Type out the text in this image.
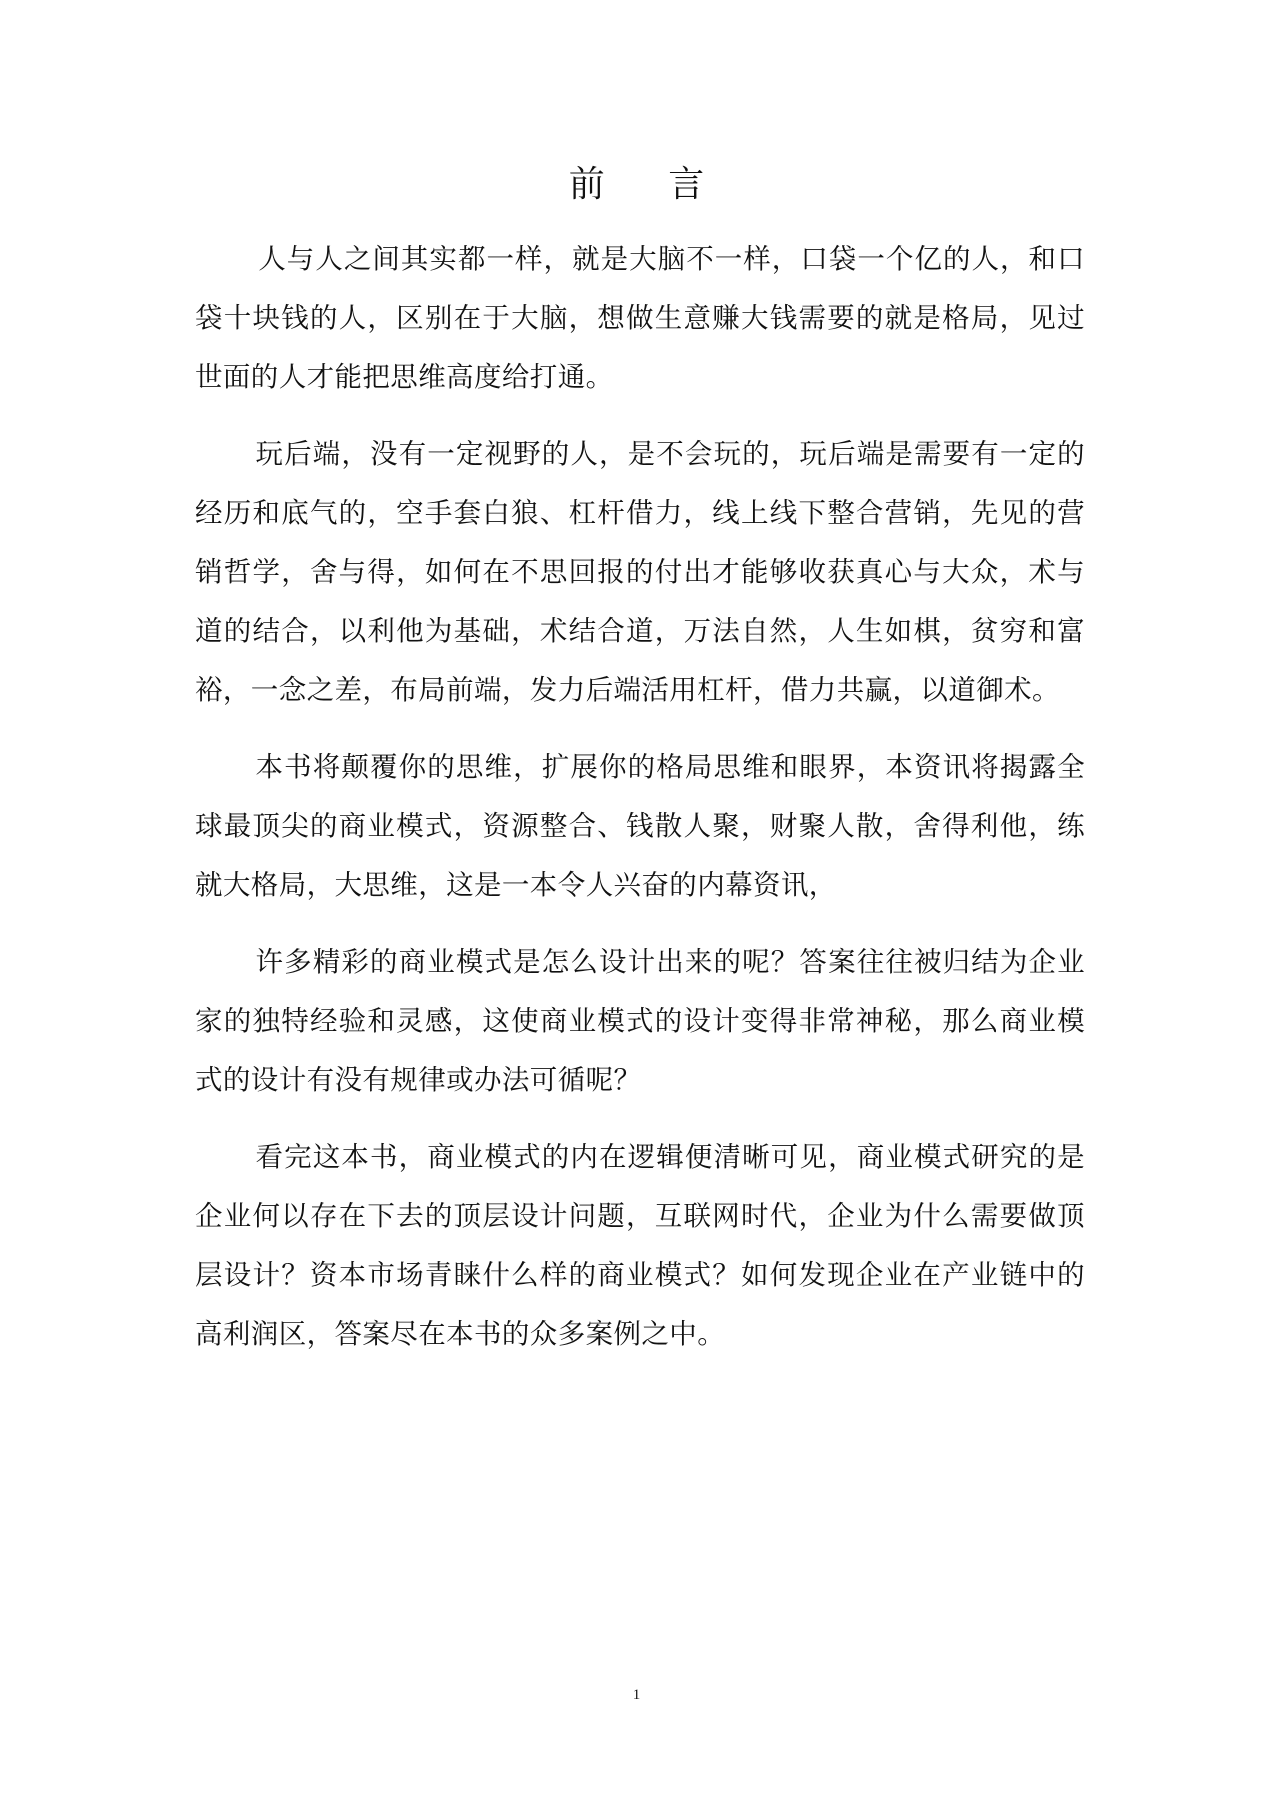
前 言

人与人之间其实都一样，就是大脑不一样，口袋一个亿的人，和口袋十块钱的人，区别在于大脑，想做生意赚大钱需要的就是格局，见过世面的人才能把思维高度给打通。

玩后端，没有一定视野的人，是不会玩的，玩后端是需要有一定的经历和底气的，空手套白狼、杠杆借力，线上线下整合营销，先见的营销哲学，舍与得，如何在不思回报的付出才能够收获真心与大众，术与道的结合，以利他为基础，术结合道，万法自然，人生如棋，贫穷和富裕，一念之差，布局前端，发力后端活用杠杆，借力共赢，以道御术。

本书将颠覆你的思维，扩展你的格局思维和眼界，本资讯将揭露全球最顶尖的商业模式，资源整合、钱散人聚，财聚人散，舍得利他，练就大格局，大思维，这是一本令人兴奋的内幕资讯，

许多精彩的商业模式是怎么设计出来的呢？答案往往被归结为企业家的独特经验和灵感，这使商业模式的设计变得非常神秘，那么商业模式的设计有没有规律或办法可循呢？

看完这本书，商业模式的内在逻辑便清晰可见，商业模式研究的是企业何以存在下去的顶层设计问题，互联网时代，企业为什么需要做顶层设计？资本市场青睐什么样的商业模式？如何发现企业在产业链中的高利润区，答案尽在本书的众多案例之中。

1
